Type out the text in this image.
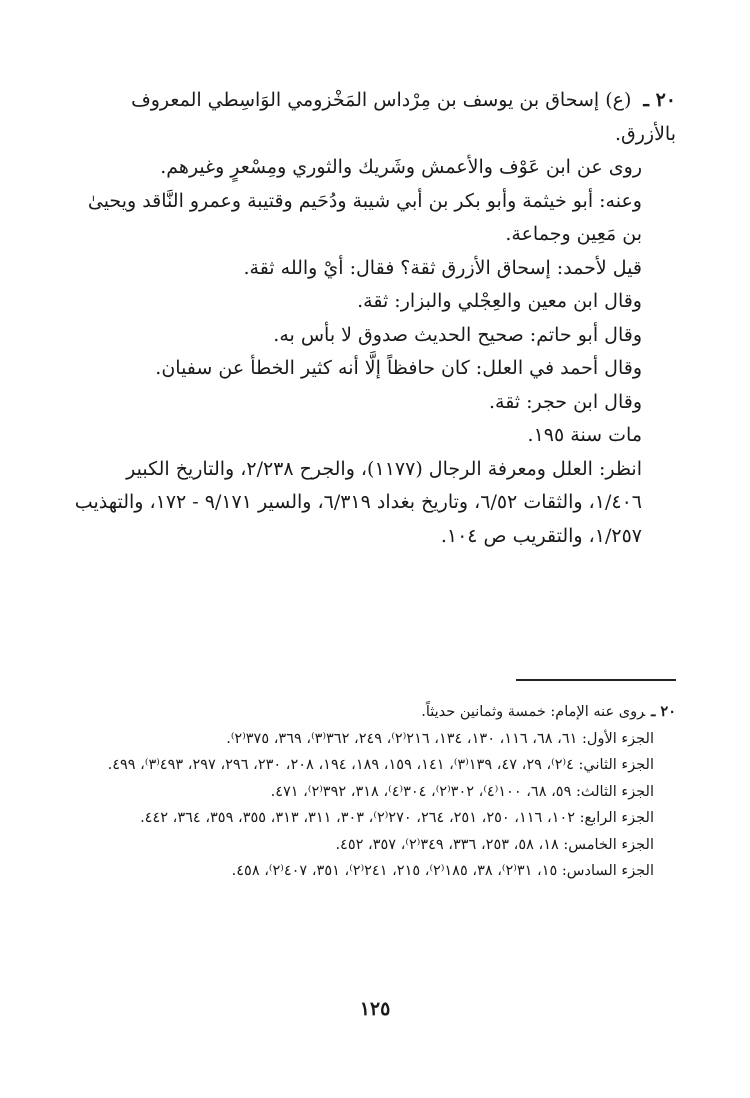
٢٠ ـ(ع) إسحاق بن يوسف بن مِرْداس المَخْزومي الوَاسِطي المعروف بالأزرق.

روى عن ابن عَوْف والأعمش وشَريك والثوري ومِسْعرٍ وغيرهم.

وعنه: أبو خيثمة وأبو بكر بن أبي شيبة ودُحَيم وقتيبة وعمرو النَّاقد ويحيىٰ بن مَعِين وجماعة.

قيل لأحمد: إسحاق الأزرق ثقة؟ فقال: أيْ والله ثقة.

وقال ابن معين والعِجْلي والبزار: ثقة.

وقال أبو حاتم: صحيح الحديث صدوق لا بأس به.

وقال أحمد في العلل: كان حافظاً إلَّا أنه كثير الخطأ عن سفيان.

وقال ابن حجر: ثقة.

مات سنة ١٩٥.

انظر: العلل ومعرفة الرجال (١١٧٧)، والجرح ٢/٢٣٨، والتاريخ الكبير ١/٤٠٦، والثقات ٦/٥٢، وتاريخ بغداد ٦/٣١٩، والسير ٩/١٧١ - ١٧٢، والتهذيب ١/٢٥٧، والتقريب ص ١٠٤.

٢٠ ـروى عنه الإمام: خمسة وثمانين حديثاً.

الجزء الأول: ٦١، ٦٨، ١١٦، ١٣٠، ١٣٤، ٢١٦⁽٢⁾، ٢٤٩، ٣٦٢⁽٣⁾، ٣٦٩، ٣٧٥⁽٢⁾.

الجزء الثاني: ٤⁽٢⁾، ٢٩، ٤٧، ١٣٩⁽٣⁾، ١٤١، ١٥٩، ١٨٩، ١٩٤، ٢٠٨، ٢٣٠، ٢٩٦، ٢٩٧، ٤٩٣⁽٣⁾، ٤٩٩.

الجزء الثالث: ٥٩، ٦٨، ١٠٠⁽٤⁾، ٣٠٢⁽٢⁾، ٣٠٤⁽٤⁾، ٣١٨، ٣٩٢⁽٢⁾، ٤٧١.

الجزء الرابع: ١٠٢، ١١٦، ٢٥٠، ٢٥١، ٢٦٤، ٢٧٠⁽٢⁾، ٣٠٣، ٣١١، ٣١٣، ٣٥٥، ٣٥٩، ٣٦٤، ٤٤٢.

الجزء الخامس: ١٨، ٥٨، ٢٥٣، ٣٣٦، ٣٤٩⁽٢⁾، ٣٥٧، ٤٥٢.

الجزء السادس: ١٥، ٣١⁽٢⁾، ٣٨، ١٨٥⁽٢⁾، ٢١٥، ٢٤١⁽٢⁾، ٣٥١، ٤٠٧⁽٢⁾، ٤٥٨.

١٢٥
